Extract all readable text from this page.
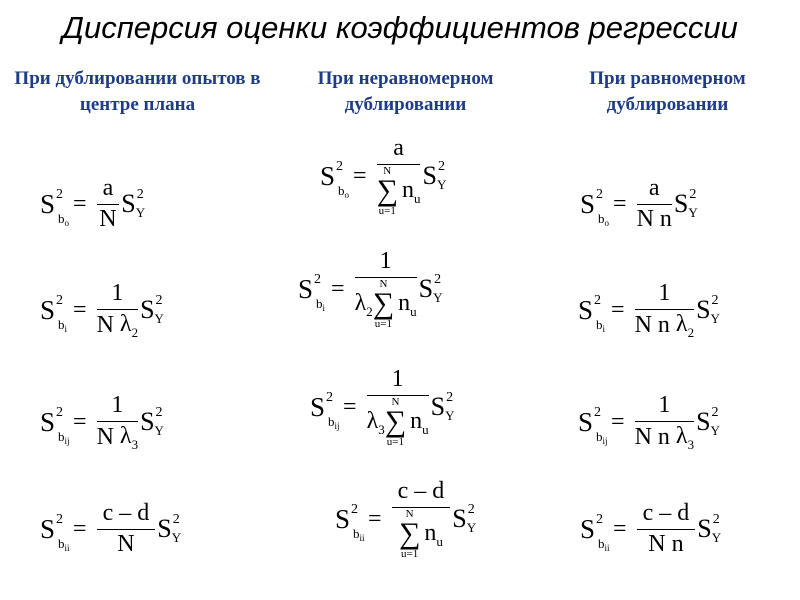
Дисперсия оценки коэффициентов регрессии
При дублировании опытов в центре плана
При неравномерном дублировании
При равномерном дублировании
S 2
$b_o$
= $\frac{a}{N}$ S 2
Y
S 2
$b_i$
= 1
N
$\lambda_2$ S 2
Y
S 2
$b_{ij}$
= 1
N
$\lambda_3$ S 2
Y
S 2
$b_{ii}$
= $\frac{c - d}{N}$ S 2
Y
S 2
$b_o$
= a
N
∑
u=1
$n_u$ S 2
Y
S 2
$b_i$
= 1
$\lambda_2$
N
∑
u=1
$n_u$ S 2
Y
S 2
$b_{ij}$
= 1
$\lambda_3$
N
∑
u=1
$n_u$ S 2
Y
S 2
$b_{ii}$
= c – d
N
∑
u=1
$n_u$ S 2
Y
S 2
$b_o$
= $\frac{a}{\text{N n}}$ S 2
Y
S 2
$b_i$
= 1
N n
$\lambda_2$ S 2
Y
S 2
$b_{ij}$
= 1
N n
$\lambda_3$ S 2
Y
S 2
$b_{ii}$
= $\frac{c - d}{\text{N n}}$ S 2
Y
